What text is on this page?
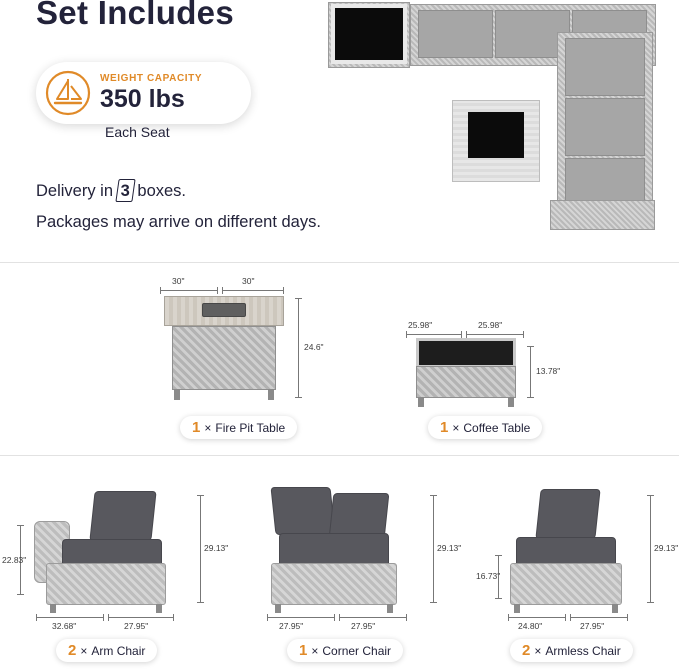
Set Includes
WEIGHT CAPACITY
350 lbs
Each Seat
Delivery in 3 boxes.
Packages may arrive on different days.
30"	30"
24.6"
1 × Fire Pit Table
25.98"	25.98"
13.78"
1 × Coffee Table
22.83"
29.13"
32.68"	27.95"
2 × Arm Chair
29.13"
27.95"	27.95"
1 × Corner Chair
16.73"
29.13"
24.80"	27.95"
2 × Armless Chair
